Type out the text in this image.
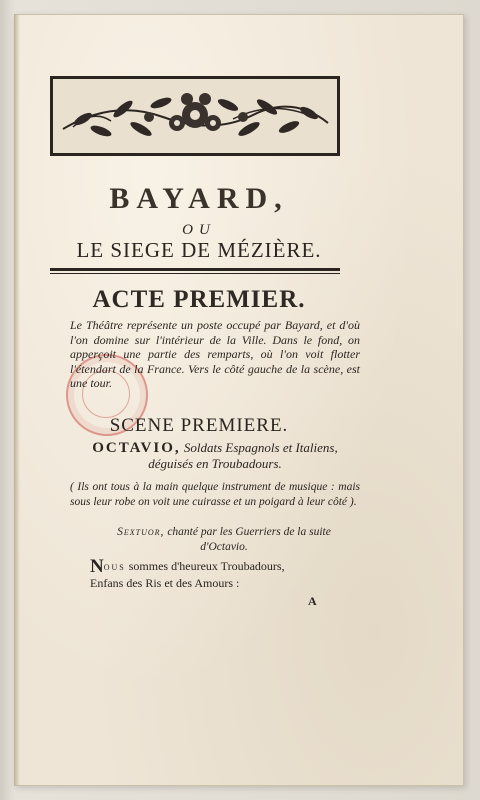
BAYARD,
OU
LE SIEGE DE MÉZIÈRE.
ACTE PREMIER.
Le Théâtre représente un poste occupé par Bayard, et d'où l'on domine sur l'intérieur de la Ville. Dans le fond, on apperçoit une partie des remparts, où l'on voit flotter l'étendart de la France. Vers le côté gauche de la scène, est une tour.
SCENE PREMIERE.
OCTAVIO, Soldats Espagnols et Italiens, déguisés en Troubadours.
( Ils ont tous à la main quelque instrument de musique : mais sous leur robe on voit une cuirasse et un poigard à leur côté ).
Sextuor, chanté par les Guerriers de la suite d'Octavio.
Nous sommes d'heureux Troubadours,
Enfans des Ris et des Amours :
A
